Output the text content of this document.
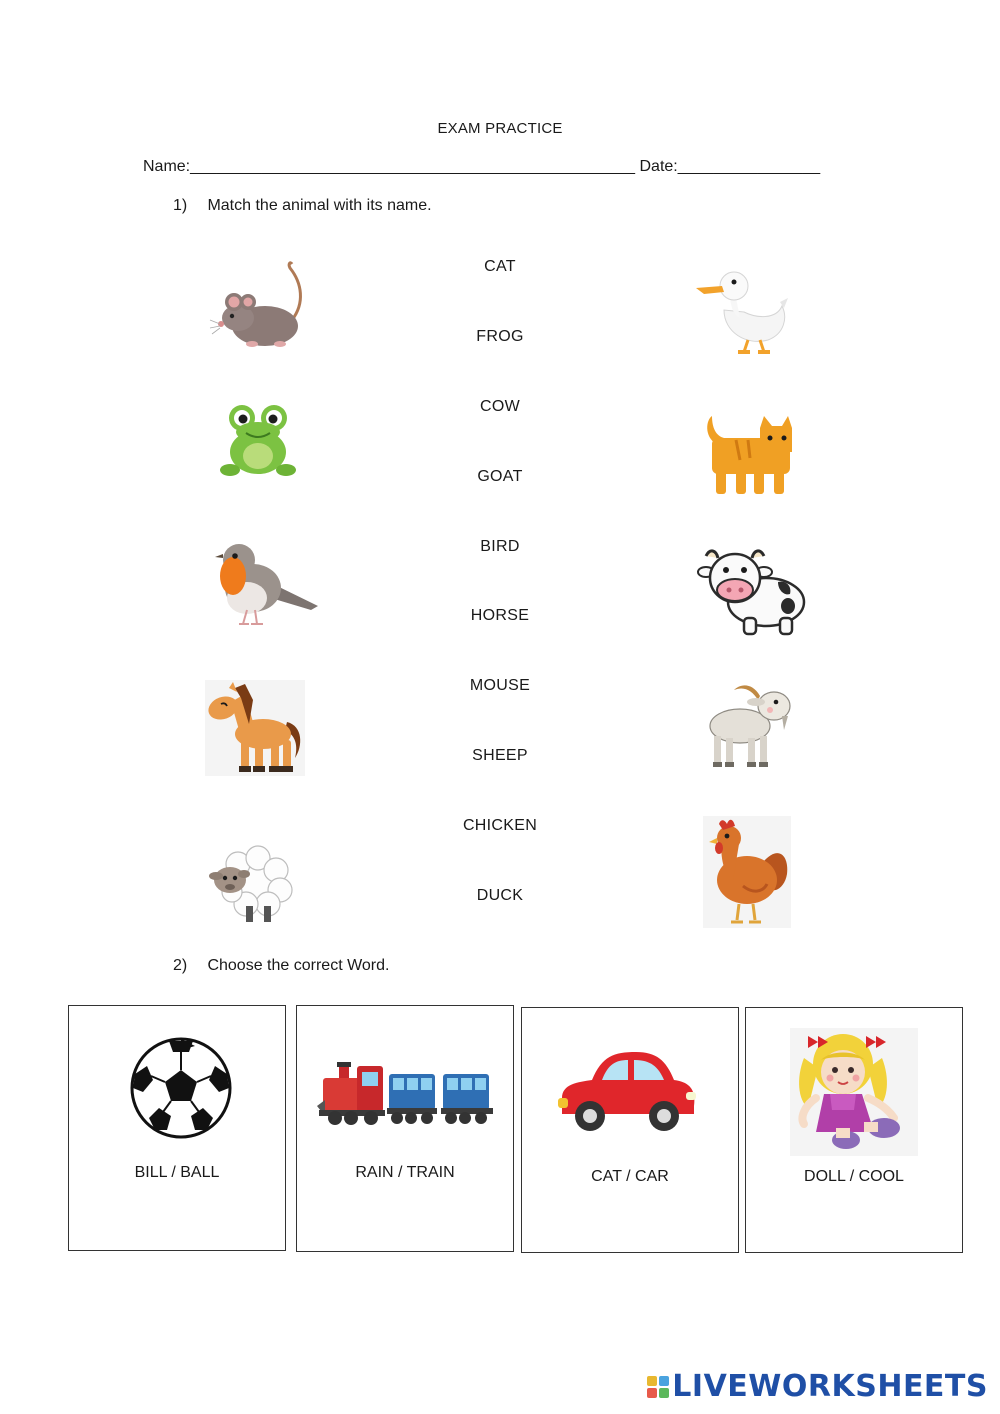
EXAM PRACTICE
Name:__________________________________________________ Date:________________
1) Match the animal with its name.
CAT
FROG
COW
GOAT
BIRD
HORSE
MOUSE
SHEEP
CHICKEN
DUCK
2) Choose the correct Word.
BILL / BALL	RAIN / TRAIN	CAT / CAR	DOLL / COOL
LIVEWORKSHEETS
